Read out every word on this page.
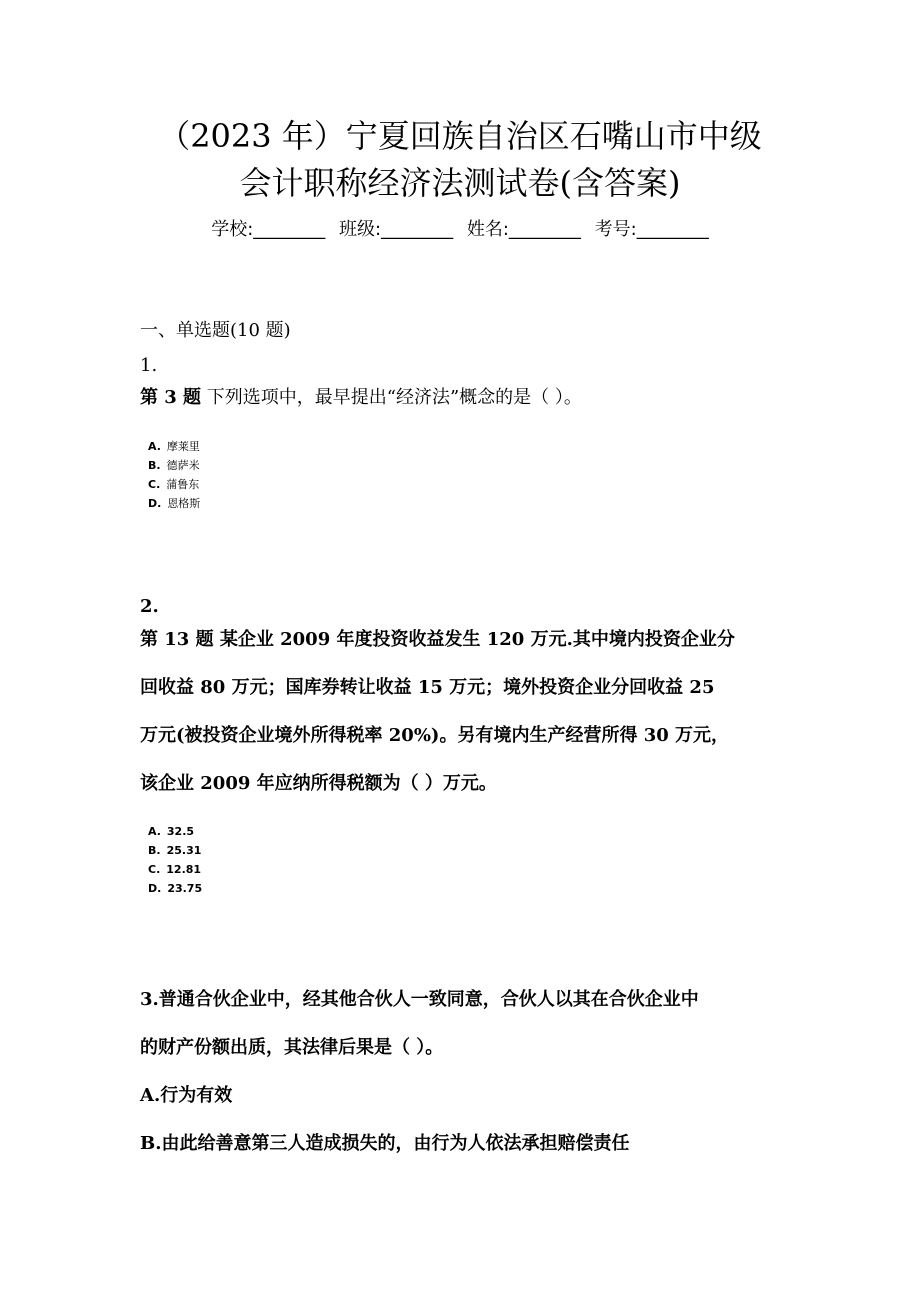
（2023 年）宁夏回族自治区石嘴山市中级
会计职称经济法测试卷(含答案)
学校:________ 班级:________ 姓名:________ 考号:________
一、单选题(10 题)
1.
第 3 题 下列选项中，最早提出“经济法”概念的是（ ）。
A. 摩莱里
B. 德萨米
C. 蒲鲁东
D. 恩格斯
2.
第 13 题 某企业 2009 年度投资收益发生 120 万元.其中境内投资企业分
回收益 80 万元；国库券转让收益 15 万元；境外投资企业分回收益 25
万元(被投资企业境外所得税率 20%)。另有境内生产经营所得 30 万元，
该企业 2009 年应纳所得税额为（ ）万元。
A. 32.5
B. 25.31
C. 12.81
D. 23.75
3.普通合伙企业中，经其他合伙人一致同意，合伙人以其在合伙企业中
的财产份额出质，其法律后果是（ ）。
A.行为有效
B.由此给善意第三人造成损失的，由行为人依法承担赔偿责任
